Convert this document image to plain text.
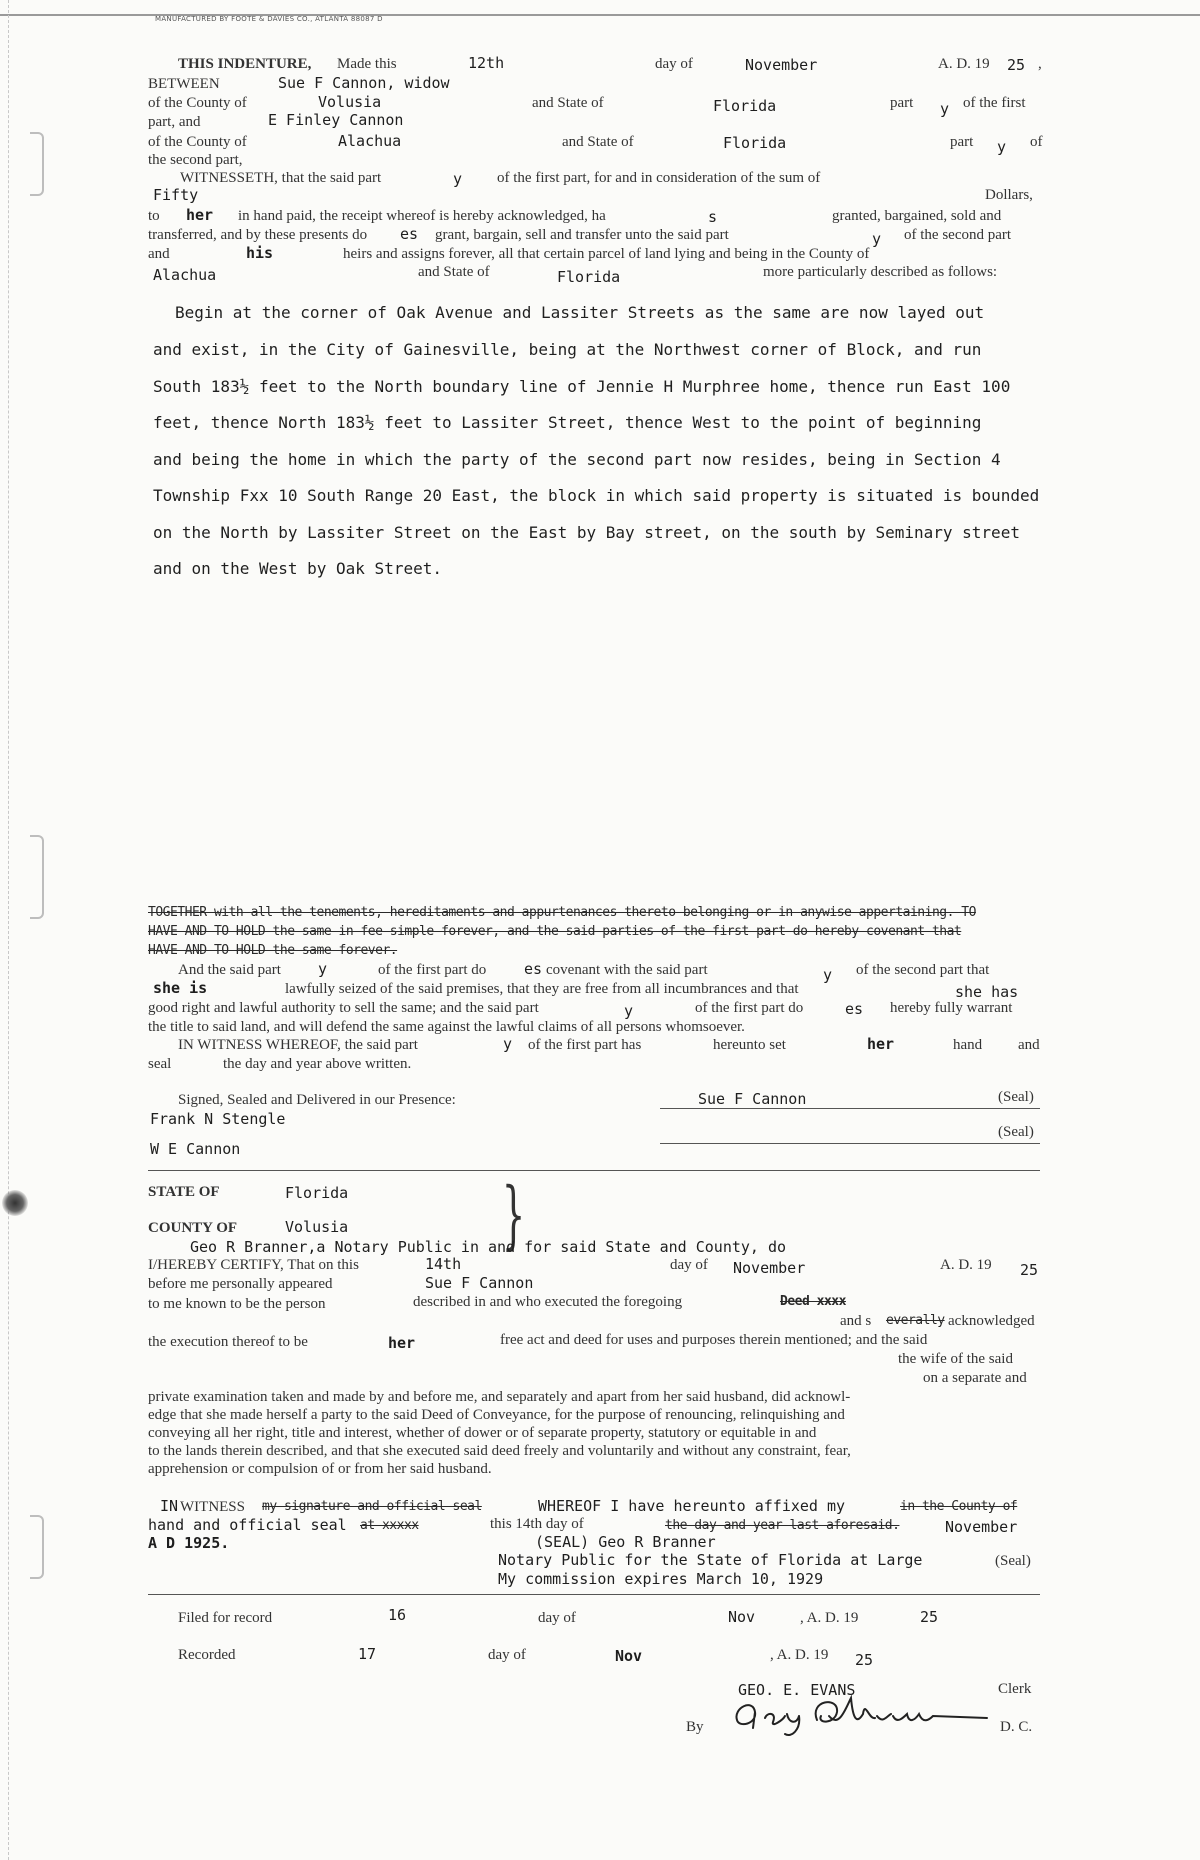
MANUFACTURED BY FOOTE & DAVIES CO., ATLANTA 88087 D
THIS INDENTURE, Made this	12th	day of	November	A. D. 19 25 ,
BETWEEN	Sue F Cannon, widow
of the County of	Volusia	and State of	Florida	part y of the first
part, and	E Finley Cannon
of the County of	Alachua	and State of	Florida	part y of
the second part,
WITNESSETH, that the said part	y of the first part, for and in consideration of the sum of
Fifty	Dollars,
to her in hand paid, the receipt whereof is hereby acknowledged, ha	s	granted, bargained, sold and
transferred, and by these presents do es grant, bargain, sell and transfer unto the said part	y of the second part
and	his	heirs and assigns forever, all that certain parcel of land lying and being in the County of
Alachua	and State of	Florida	more particularly described as follows:
Begin at the corner of Oak Avenue and Lassiter Streets as the same are now layed out
and exist, in the City of Gainesville, being at the Northwest corner of Block, and run
South 183½ feet to the North boundary line of Jennie H Murphree home, thence run East 100
feet, thence North 183½ feet to Lassiter Street, thence West to the point of beginning
and being the home in which the party of the second part now resides, being in Section 4
Township Fxx 10 South Range 20 East, the block in which said property is situated is bounded
on the North by Lassiter Street on the East by Bay street, on the south by Seminary street
and on the West by Oak Street.
TOGETHER with all the tenements, hereditaments and appurtenances thereto belonging or in anywise appertaining. TO
HAVE AND TO HOLD the same in fee simple forever, and the said parties of the first part do hereby covenant that
HAVE AND TO HOLD the same forever.
And the said part y	of the first part do	es covenant with the said part	y of the second part that
she is	lawfully seized of the said premises, that they are free from all incumbrances and that	she has
good right and lawful authority to sell the same; and the said part	y	of the first part do	es hereby fully warrant
the title to said land, and will defend the same against the lawful claims of all persons whomsoever.
IN WITNESS WHEREOF, the said part	y of the first part has	hereunto set	her	hand and
seal	the day and year above written.
Signed, Sealed and Delivered in our Presence:	Sue F Cannon	(Seal)
Frank N Stengle
W E Cannon
(Seal)
STATE OF	Florida }
COUNTY OF	Volusia
Geo R Branner,a Notary Public in and for said State and County, do
I/HEREBY CERTIFY, That on this	14th	day of November	A. D. 19 25
before me personally appeared	Sue F Cannon
to me known to be the person	described in and who executed the foregoing	Deed xxxx
and s everally acknowledged
the execution thereof to be	her	free act and deed for uses and purposes therein mentioned; and the said
the wife of the said
on a separate and
private examination taken and made by and before me, and separately and apart from her said husband, did acknowl-
edge that she made herself a party to the said Deed of Conveyance, for the purpose of renouncing, relinquishing and
conveying all her right, title and interest, whether of dower or of separate property, statutory or equitable in and
to the lands therein described, and that she executed said deed freely and voluntarily and without any constraint, fear,
apprehension or compulsion of or from her said husband.
IN WITNESS my signature and official seal	WHEREOF I have hereunto affixed my	in the County of
hand and official seal at xxxxx	this 14th day of	the day and year last aforesaid.	November
A D 1925.	(SEAL) Geo R Branner
Notary Public for the State of Florida at Large	(Seal)
My commission expires March 10, 1929
Filed for record	16	day of	Nov	, A. D. 19	25
Recorded	17	day of	Nov	, A. D. 19 25
GEO. E. EVANS	Clerk
By	D. C.
